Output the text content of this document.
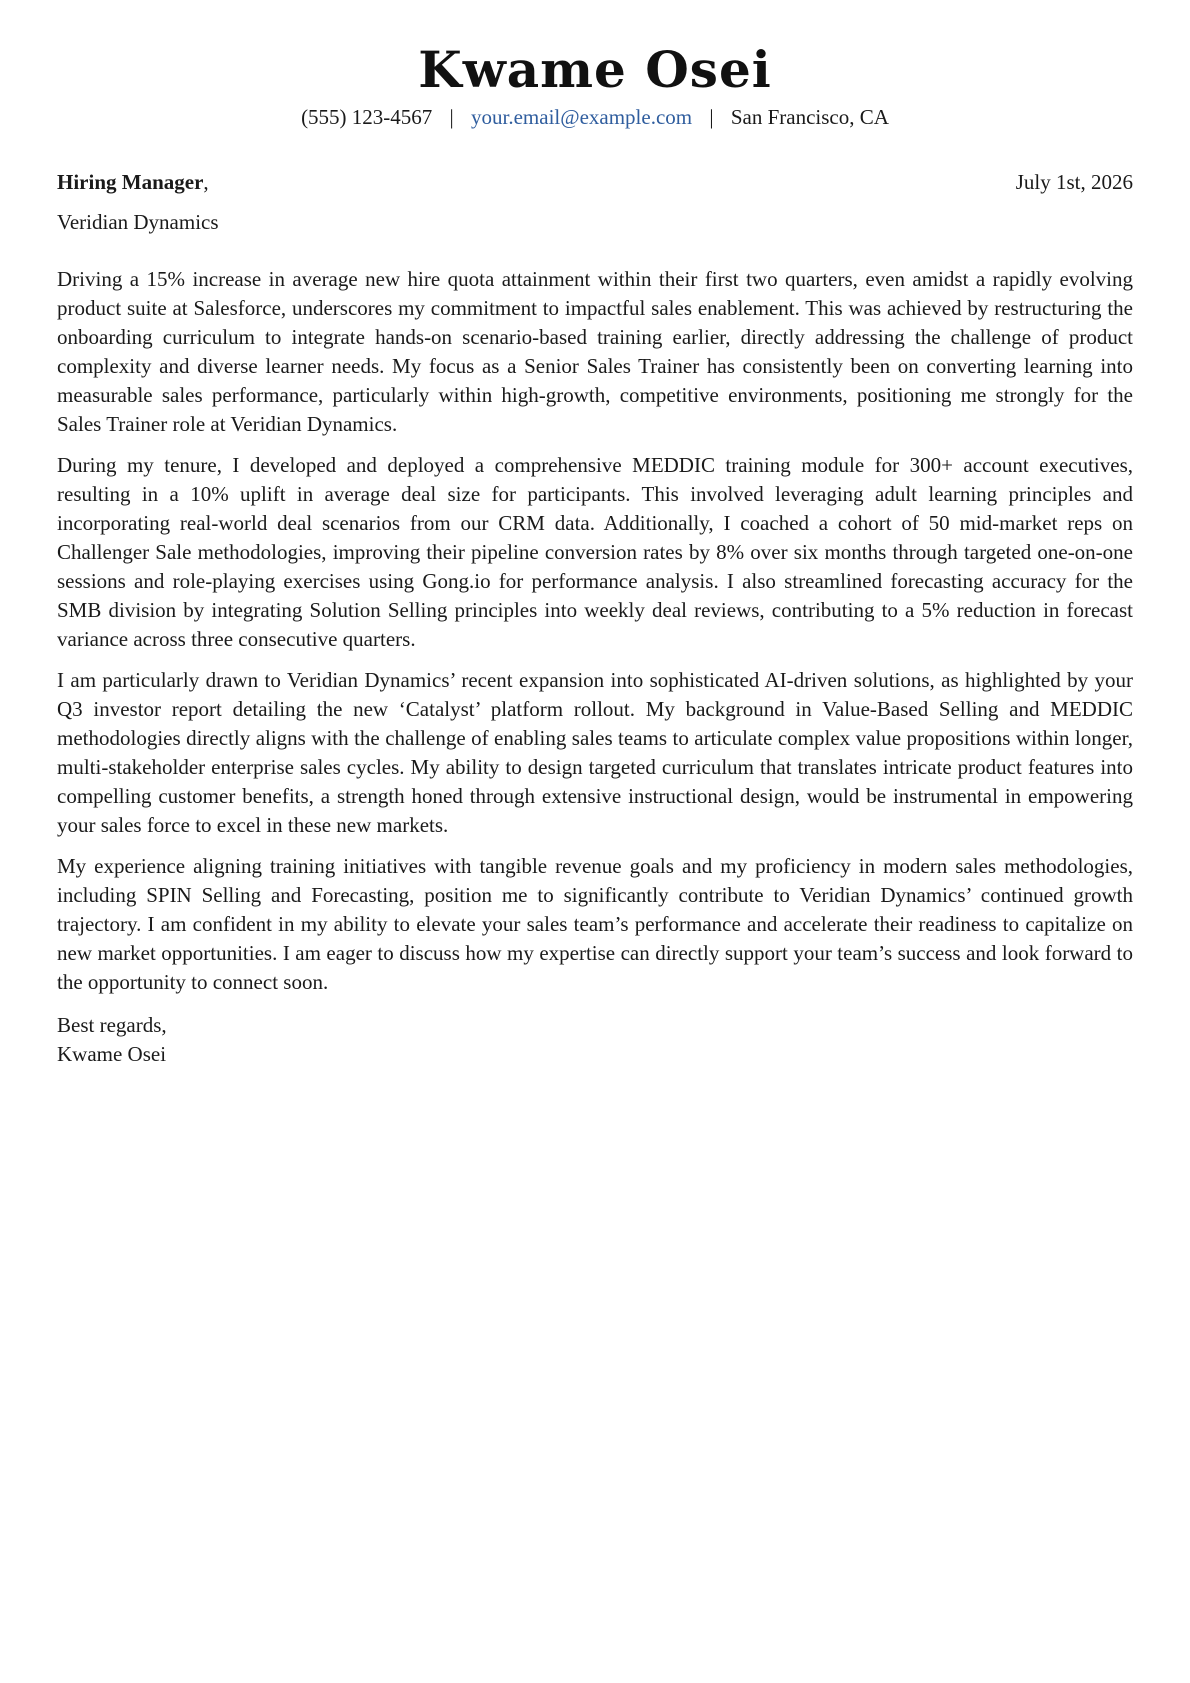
Kwame Osei
(555) 123-4567 | your.email@example.com | San Francisco, CA
Hiring Manager,	July 1st, 2026
Veridian Dynamics

Driving a 15% increase in average new hire quota attainment within their first two quarters, even amidst a rapidly evolving product suite at Salesforce, underscores my commitment to impactful sales enablement. This was achieved by restructuring the onboarding curriculum to integrate hands-on scenario-based training earlier, directly addressing the challenge of product complexity and diverse learner needs. My focus as a Senior Sales Trainer has consistently been on converting learning into measurable sales performance, particularly within high-growth, competitive environments, positioning me strongly for the Sales Trainer role at Veridian Dynamics.

During my tenure, I developed and deployed a comprehensive MEDDIC training module for 300+ account executives, resulting in a 10% uplift in average deal size for participants. This involved leveraging adult learning principles and incorporating real-world deal scenarios from our CRM data. Additionally, I coached a cohort of 50 mid-market reps on Challenger Sale methodologies, improving their pipeline conversion rates by 8% over six months through targeted one-on-one sessions and role-playing exercises using Gong.io for performance analysis. I also streamlined forecasting accuracy for the SMB division by integrating Solution Selling principles into weekly deal reviews, contributing to a 5% reduction in forecast variance across three consecutive quarters.

I am particularly drawn to Veridian Dynamics’ recent expansion into sophisticated AI-driven solutions, as highlighted by your Q3 investor report detailing the new ‘Catalyst’ platform rollout. My background in Value-Based Selling and MEDDIC methodologies directly aligns with the challenge of enabling sales teams to articulate complex value propositions within longer, multi-stakeholder enterprise sales cycles. My ability to design targeted curriculum that translates intricate product features into compelling customer benefits, a strength honed through extensive instructional design, would be instrumental in empowering your sales force to excel in these new markets.

My experience aligning training initiatives with tangible revenue goals and my proficiency in modern sales methodologies, including SPIN Selling and Forecasting, position me to significantly contribute to Veridian Dynamics’ continued growth trajectory. I am confident in my ability to elevate your sales team’s performance and accelerate their readiness to capitalize on new market opportunities. I am eager to discuss how my expertise can directly support your team’s success and look forward to the opportunity to connect soon.

Best regards,
Kwame Osei
